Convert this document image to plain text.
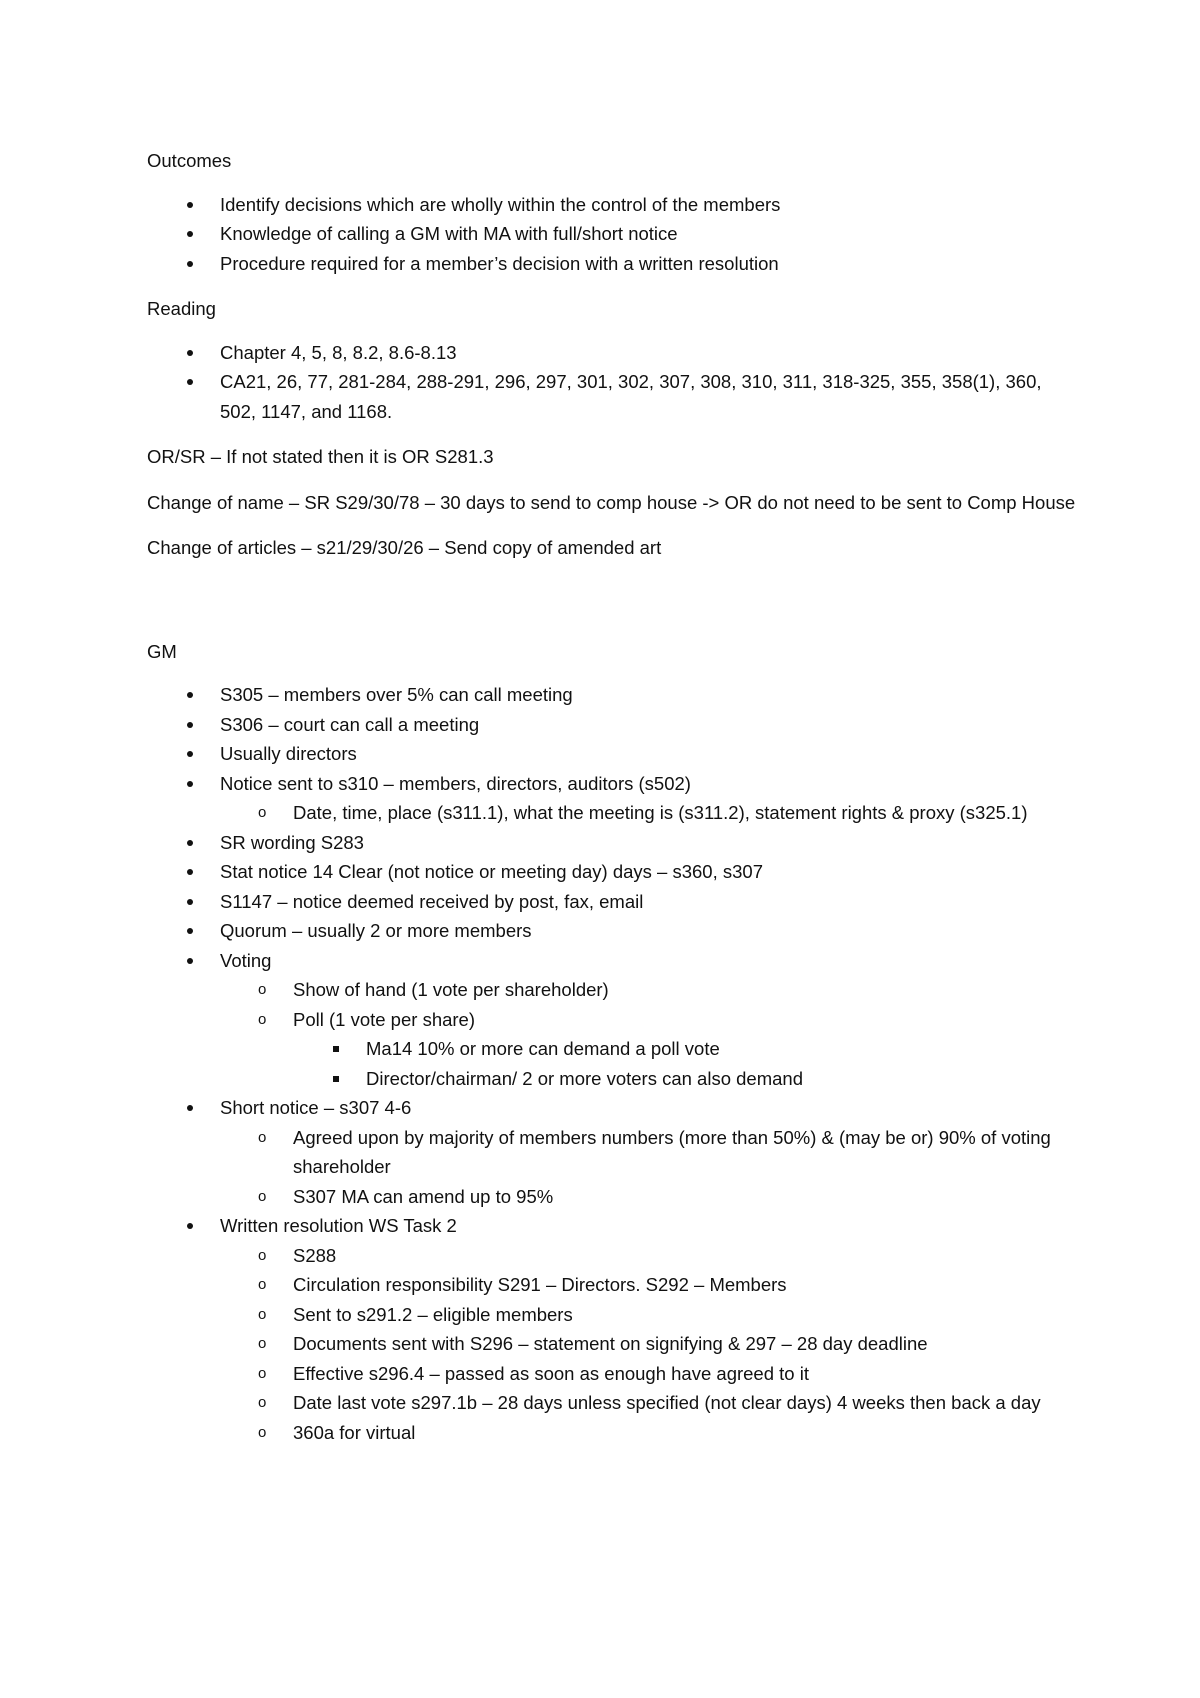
Outcomes

Identify decisions which are wholly within the control of the members
Knowledge of calling a GM with MA with full/short notice
Procedure required for a member’s decision with a written resolution

Reading

Chapter 4, 5, 8, 8.2, 8.6-8.13
CA21, 26, 77, 281-284, 288-291, 296, 297, 301, 302, 307, 308, 310, 311, 318-325, 355, 358(1), 360, 502, 1147, and 1168.

OR/SR – If not stated then it is OR S281.3

Change of name – SR S29/30/78 – 30 days to send to comp house -> OR do not need to be sent to Comp House

Change of articles – s21/29/30/26 – Send copy of amended art

GM

S305 – members over 5% can call meeting
S306 – court can call a meeting
Usually directors
Notice sent to s310 – members, directors, auditors (s502)
o Date, time, place (s311.1), what the meeting is (s311.2), statement rights & proxy (s325.1)
SR wording S283
Stat notice 14 Clear (not notice or meeting day) days – s360, s307
S1147 – notice deemed received by post, fax, email
Quorum – usually 2 or more members
Voting
o Show of hand (1 vote per shareholder)
o Poll (1 vote per share)
Ma14 10% or more can demand a poll vote
Director/chairman/ 2 or more voters can also demand
Short notice – s307 4-6
o Agreed upon by majority of members numbers (more than 50%) & (may be or) 90% of voting shareholder
o S307 MA can amend up to 95%
Written resolution WS Task 2
o S288
o Circulation responsibility S291 – Directors. S292 – Members
o Sent to s291.2 – eligible members
o Documents sent with S296 – statement on signifying & 297 – 28 day deadline
o Effective s296.4 – passed as soon as enough have agreed to it
o Date last vote s297.1b – 28 days unless specified (not clear days) 4 weeks then back a day
o 360a for virtual
